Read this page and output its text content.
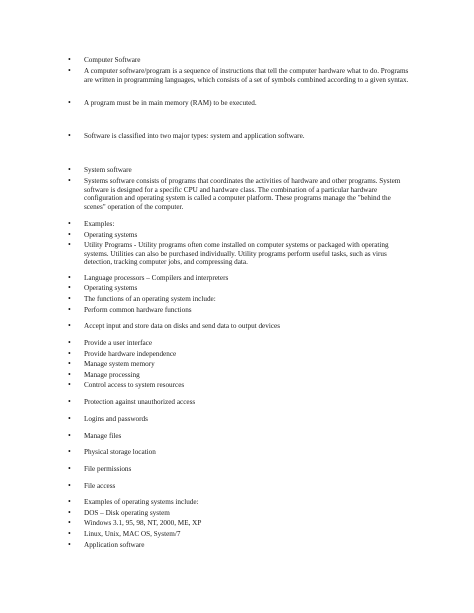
• Computer Software
• A computer software/program is a sequence of instructions that tell the computer hardware what to do. Programs are written in programming languages, which consists of a set of symbols combined according to a given syntax.
• A program must be in main memory (RAM) to be executed.
• Software is classified into two major types: system and application software.
• System software
• Systems software consists of programs that coordinates the activities of hardware and other programs. System software is designed for a specific CPU and hardware class. The combination of a particular hardware configuration and operating system is called a computer platform. These programs manage the "behind the scenes" operation of the computer.
• Examples:
• Operating systems
• Utility Programs - Utility programs often come installed on computer systems or packaged with operating systems. Utilities can also be purchased individually. Utility programs perform useful tasks, such as virus detection, tracking computer jobs, and compressing data.
• Language processors – Compilers and interpreters
• Operating systems
• The functions of an operating system include:
• Perform common hardware functions
• Accept input and store data on disks and send data to output devices
• Provide a user interface
• Provide hardware independence
• Manage system memory
• Manage processing
• Control access to system resources
• Protection against unauthorized access
• Logins and passwords
• Manage files
• Physical storage location
• File permissions
• File access
• Examples of operating systems include:
• DOS – Disk operating system
• Windows 3.1, 95, 98, NT, 2000, ME, XP
• Linux, Unix, MAC OS, System/7
• Application software
